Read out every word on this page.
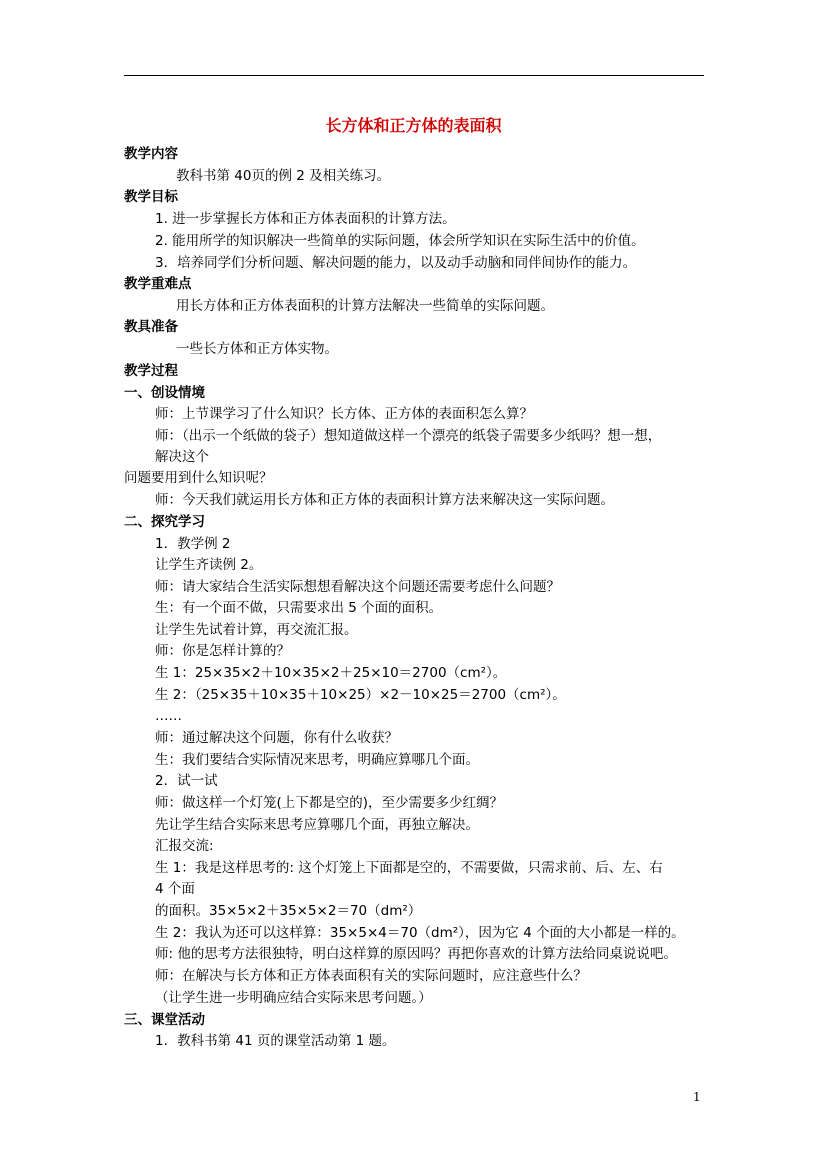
长方体和正方体的表面积
教学内容
教科书第 40页的例 2 及相关练习。
教学目标
1. 进一步掌握长方体和正方体表面积的计算方法。
2. 能用所学的知识解决一些简单的实际问题，体会所学知识在实际生活中的价值。
3．培养同学们分析问题、解决问题的能力，以及动手动脑和同伴间协作的能力。
教学重难点
用长方体和正方体表面积的计算方法解决一些简单的实际问题。
教具准备
一些长方体和正方体实物。
教学过程
一、创设情境
师：上节课学习了什么知识？长方体、正方体的表面积怎么算？
师：（出示一个纸做的袋子）想知道做这样一个漂亮的纸袋子需要多少纸吗？想一想，
解决这个
问题要用到什么知识呢？
师：今天我们就运用长方体和正方体的表面积计算方法来解决这一实际问题。
二、探究学习
1．教学例 2
让学生齐读例 2。
师：请大家结合生活实际想想看解决这个问题还需要考虑什么问题？
生：有一个面不做，只需要求出 5 个面的面积。
让学生先试着计算，再交流汇报。
师：你是怎样计算的？
生 1：25×35×2＋10×35×2＋25×10＝2700（cm²）。
生 2：（25×35＋10×35＋10×25）×2－10×25＝2700（cm²）。
……
师：通过解决这个问题，你有什么收获？
生：我们要结合实际情况来思考，明确应算哪几个面。
2．试一试
师：做这样一个灯笼(上下都是空的)，至少需要多少红绸？
先让学生结合实际来思考应算哪几个面，再独立解决。
汇报交流:
生 1：我是这样思考的: 这个灯笼上下面都是空的，不需要做，只需求前、后、左、右
4 个面
的面积。35×5×2＋35×5×2＝70（dm²）
生 2：我认为还可以这样算：35×5×4＝70（dm²），因为它 4 个面的大小都是一样的。
师: 他的思考方法很独特，明白这样算的原因吗？再把你喜欢的计算方法给同桌说说吧。
师：在解决与长方体和正方体表面积有关的实际问题时，应注意些什么？
（让学生进一步明确应结合实际来思考问题。）
三、课堂活动
1．教科书第 41 页的课堂活动第 1 题。
1
